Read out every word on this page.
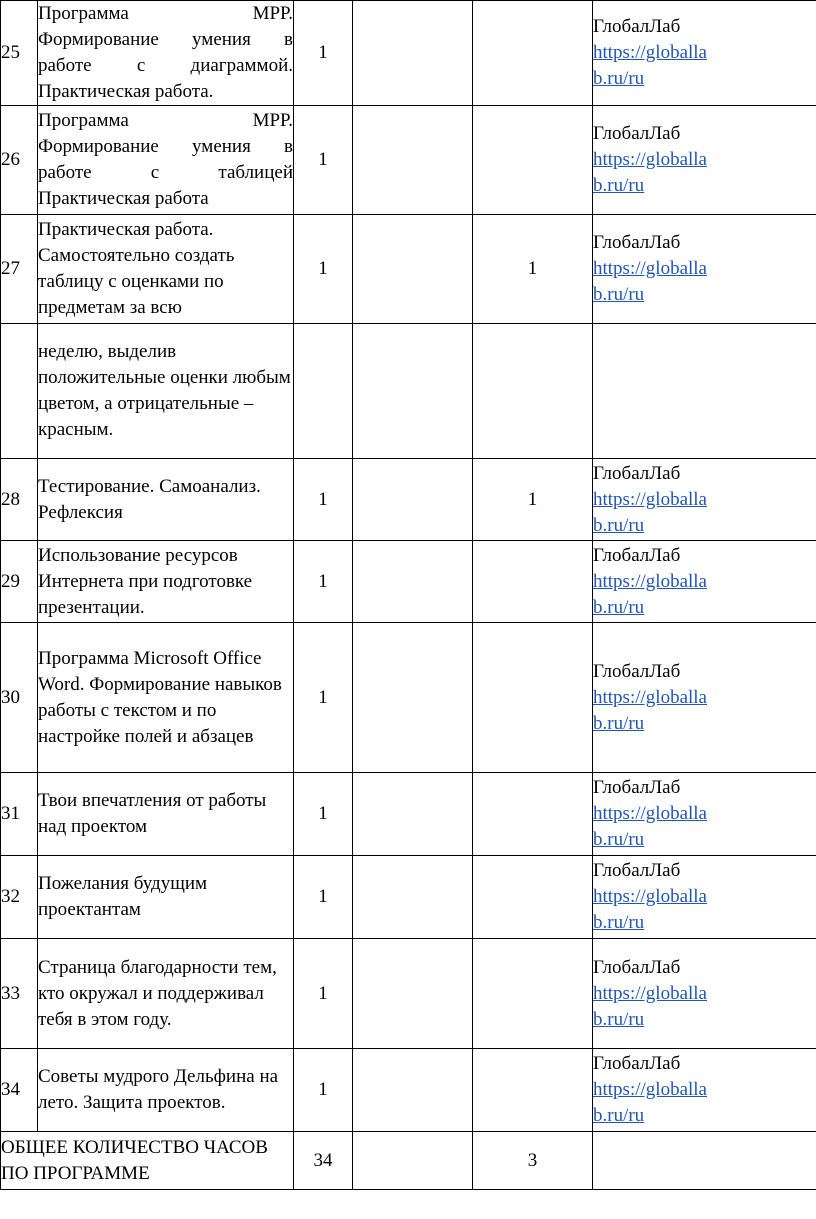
25	Программа МРР. Формирование умения в работе с диаграммой. Практическая работа.	1			ГлобалЛаб
https://globallab.ru/ru

26	Программа МРР. Формирование умения в работе с таблицей Практическая работа	1			ГлобалЛаб
https://globallab.ru/ru

27	Практическая работа. Самостоятельно создать таблицу с оценками по предметам за всю	1		1	ГлобалЛаб
https://globallab.ru/ru

	неделю, выделив положительные оценки любым цветом, а отрицательные – красным.				

28	Тестирование. Самоанализ. Рефлексия	1		1	ГлобалЛаб
https://globallab.ru/ru

29	Использование ресурсов Интернета при подготовке презентации.	1			ГлобалЛаб
https://globallab.ru/ru

30	Программа Microsoft Office Word. Формирование навыков работы с текстом и по настройке полей и абзацев	1			ГлобалЛаб
https://globallab.ru/ru

31	Твои впечатления от работы над проектом	1			ГлобалЛаб
https://globallab.ru/ru

32	Пожелания будущим проектантам	1			ГлобалЛаб
https://globallab.ru/ru

33	Страница благодарности тем, кто окружал и поддерживал тебя в этом году.	1			ГлобалЛаб
https://globallab.ru/ru

34	Советы мудрого Дельфина на лето. Защита проектов.	1			ГлобалЛаб
https://globallab.ru/ru

ОБЩЕЕ КОЛИЧЕСТВО ЧАСОВ ПО ПРОГРАММЕ		34		3	
